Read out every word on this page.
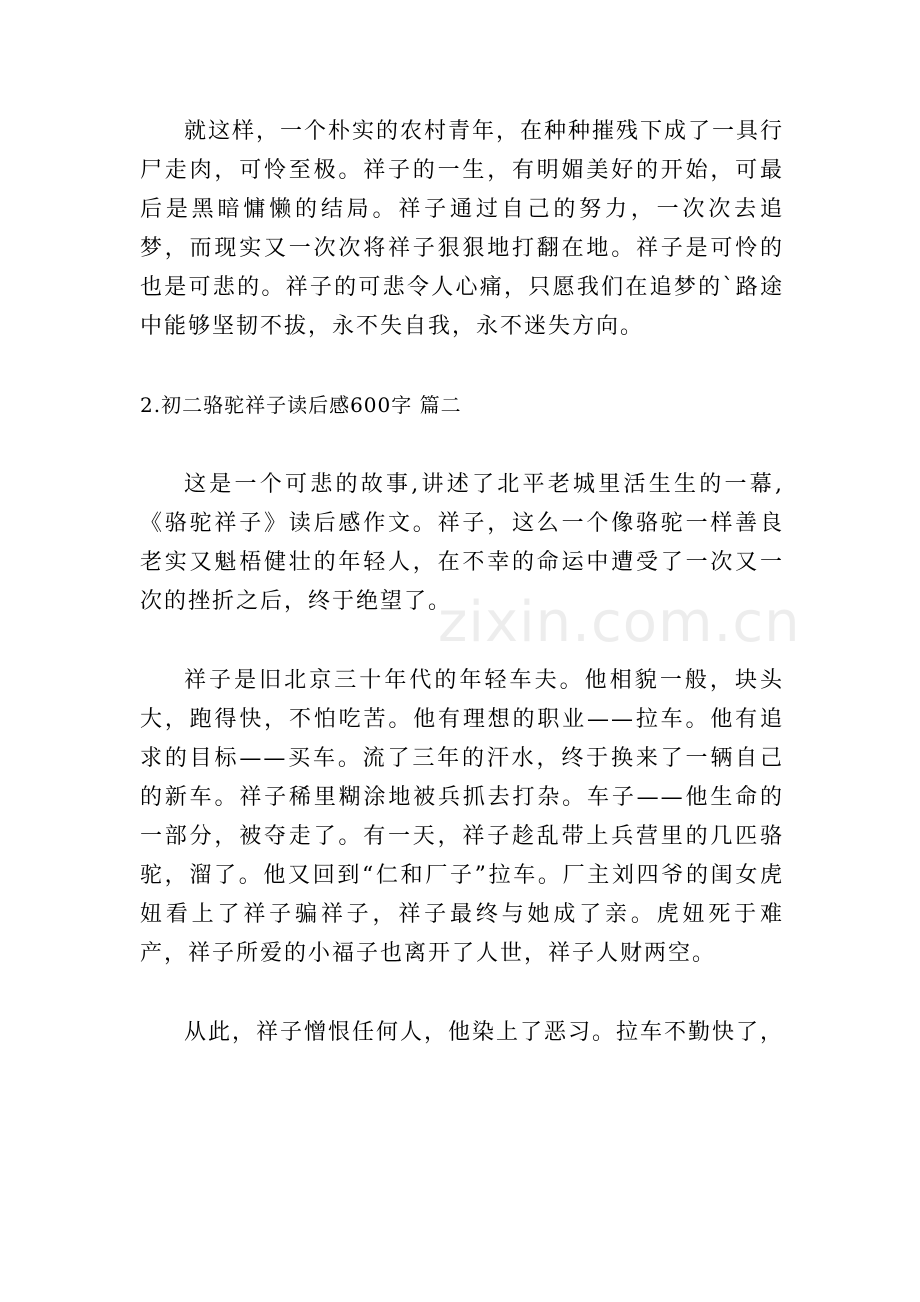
就这样，一个朴实的农村青年，在种种摧残下成了一具行尸走肉，可怜至极。祥子的一生，有明媚美好的开始，可最后是黑暗慵懒的结局。祥子通过自己的努力，一次次去追梦，而现实又一次次将祥子狠狠地打翻在地。祥子是可怜的也是可悲的。祥子的可悲令人心痛，只愿我们在追梦的`路途中能够坚韧不拔，永不失自我，永不迷失方向。

2.初二骆驼祥子读后感600字 篇二

这是一个可悲的故事,讲述了北平老城里活生生的一幕,《骆驼祥子》读后感作文。祥子，这么一个像骆驼一样善良老实又魁梧健壮的年轻人，在不幸的命运中遭受了一次又一次的挫折之后，终于绝望了。

祥子是旧北京三十年代的年轻车夫。他相貌一般，块头大，跑得快，不怕吃苦。他有理想的职业——拉车。他有追求的目标——买车。流了三年的汗水，终于换来了一辆自己的新车。祥子稀里糊涂地被兵抓去打杂。车子——他生命的一部分，被夺走了。有一天，祥子趁乱带上兵营里的几匹骆驼，溜了。他又回到“仁和厂子”拉车。厂主刘四爷的闺女虎妞看上了祥子骗祥子，祥子最终与她成了亲。虎妞死于难产，祥子所爱的小福子也离开了人世，祥子人财两空。

从此，祥子憎恨任何人，他染上了恶习。拉车不勤快了，

zixin.com.cn
